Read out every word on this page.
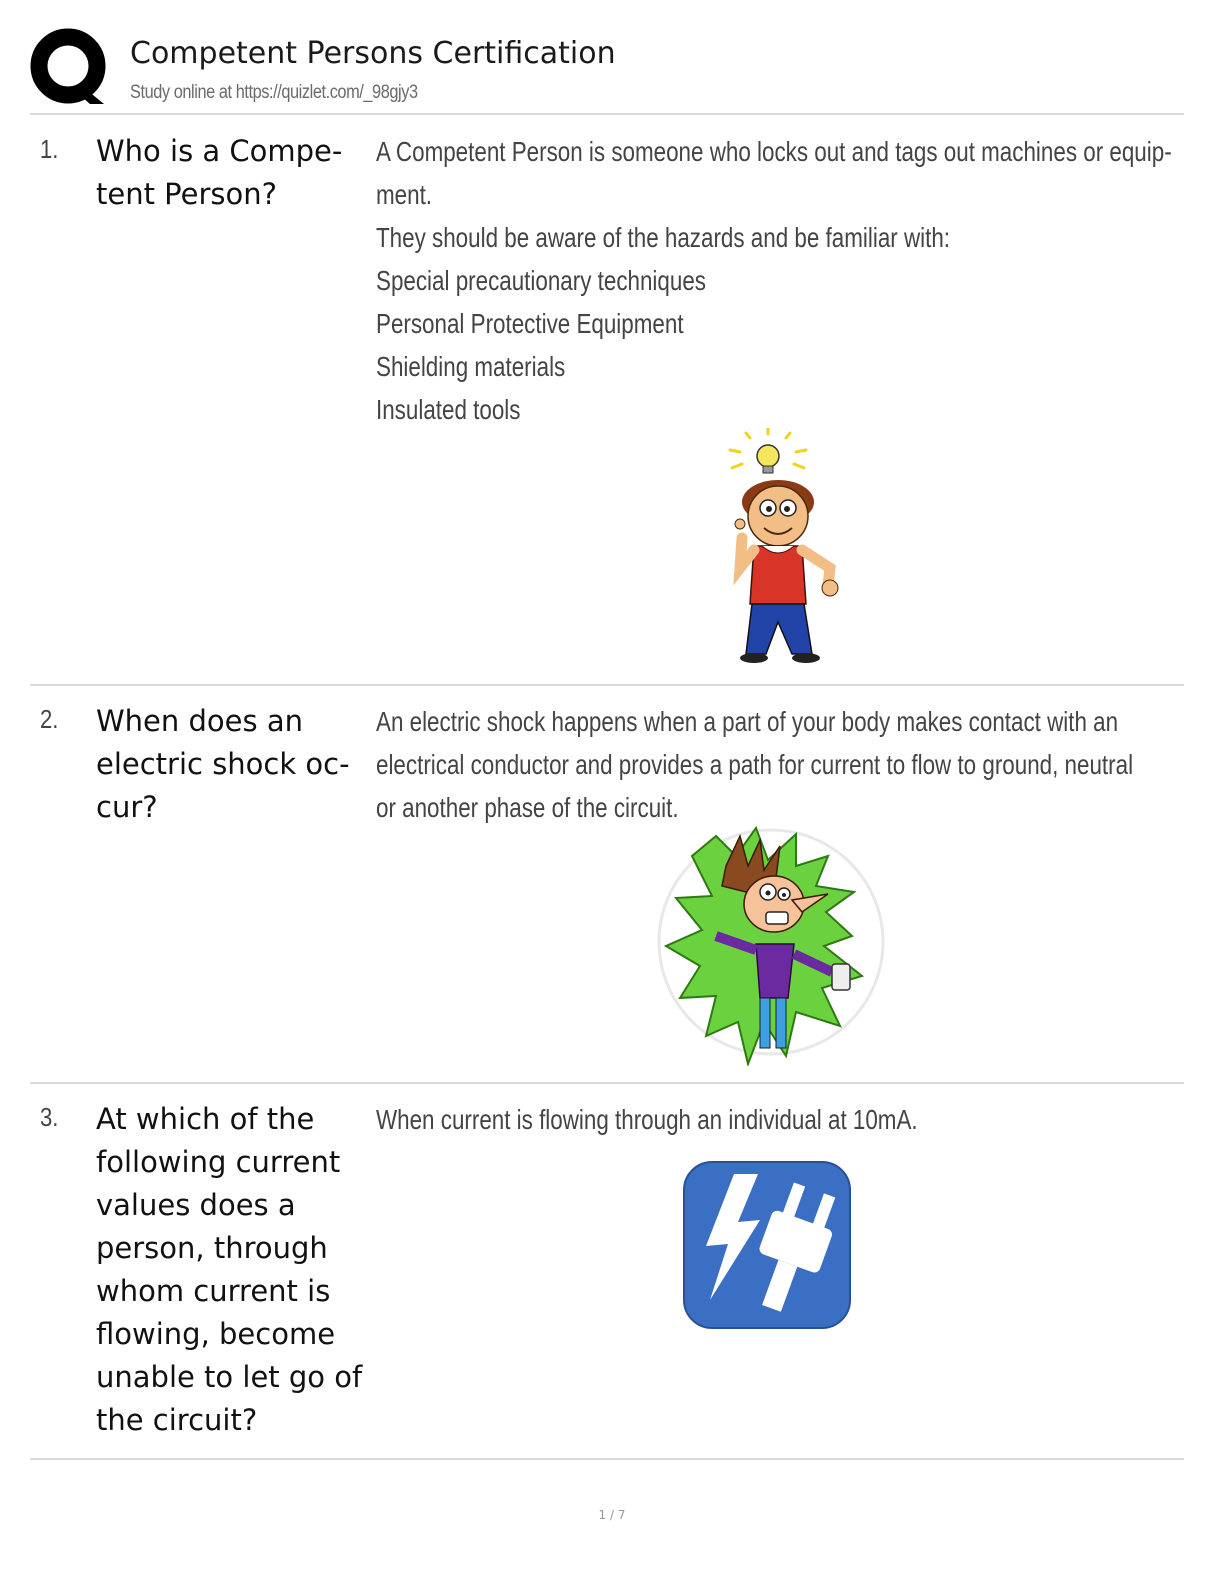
Competent Persons Certification
Study online at https://quizlet.com/_98gjy3
1. Who is a Compe-
tent Person?
A Competent Person is someone who locks out and tags out machines or equip-
ment.
They should be aware of the hazards and be familiar with:
Special precautionary techniques
Personal Protective Equipment
Shielding materials
Insulated tools
2. When does an
electric shock oc-
cur?
An electric shock happens when a part of your body makes contact with an
electrical conductor and provides a path for current to flow to ground, neutral
or another phase of the circuit.
3. At which of the
following current
values does a
person, through
whom current is
flowing, become
unable to let go of
the circuit?
When current is flowing through an individual at 10mA.
1 / 7
